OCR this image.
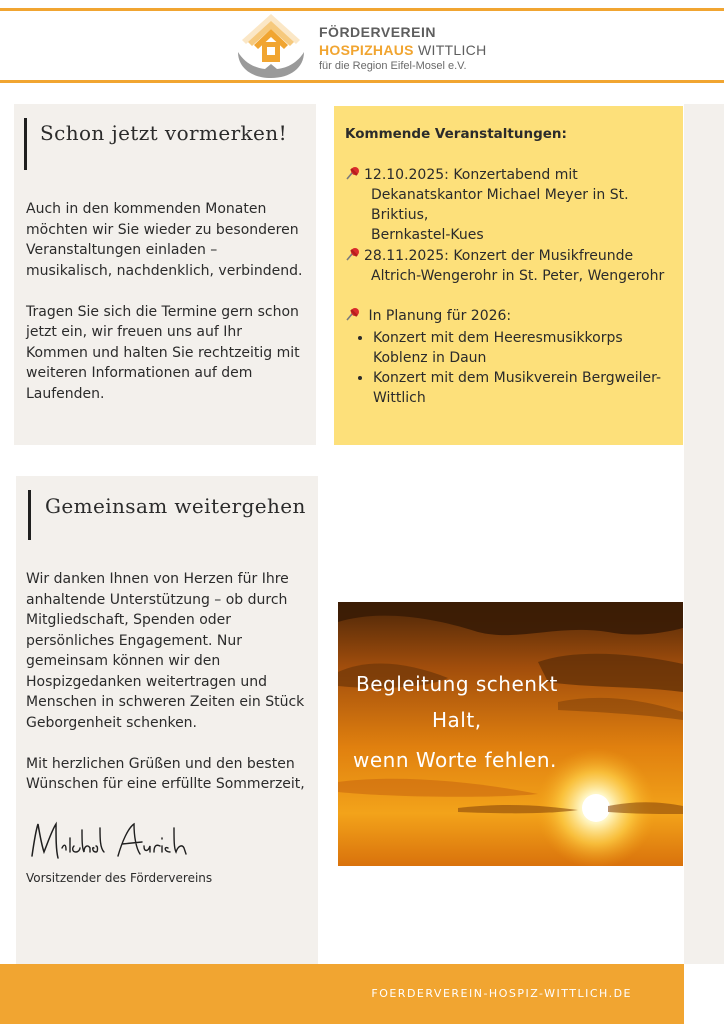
FÖRDERVEREIN
HOSPIZHAUS WITTLICH
für die Region Eifel-Mosel e.V.
Schon jetzt vormerken!

Auch in den kommenden Monaten möchten wir Sie wieder zu besonderen Veranstaltungen einladen – musikalisch, nachdenklich, verbindend.

Tragen Sie sich die Termine gern schon jetzt ein, wir freuen uns auf Ihr Kommen und halten Sie rechtzeitig mit weiteren Informationen auf dem Laufenden.

Kommende Veranstaltungen:
12.10.2025: Konzertabend mit
Dekanatskantor Michael Meyer in St. Briktius,
Bernkastel-Kues
28.11.2025: Konzert der Musikfreunde
Altrich-Wengerohr in St. Peter, Wengerohr
In Planung für 2026:
• Konzert mit dem Heeresmusikkorps Koblenz in Daun
• Konzert mit dem Musikverein Bergweiler-Wittlich
Gemeinsam weitergehen

Wir danken Ihnen von Herzen für Ihre anhaltende Unterstützung – ob durch Mitgliedschaft, Spenden oder persönliches Engagement. Nur gemeinsam können wir den Hospizgedanken weitertragen und Menschen in schweren Zeiten ein Stück Geborgenheit schenken.

Mit herzlichen Grüßen und den besten Wünschen für eine erfüllte Sommerzeit,

Vorsitzender des Fördervereins
Begleitung schenkt
Halt,
wenn Worte fehlen.
FOERDERVEREIN-HOSPIZ-WITTLICH.DE
